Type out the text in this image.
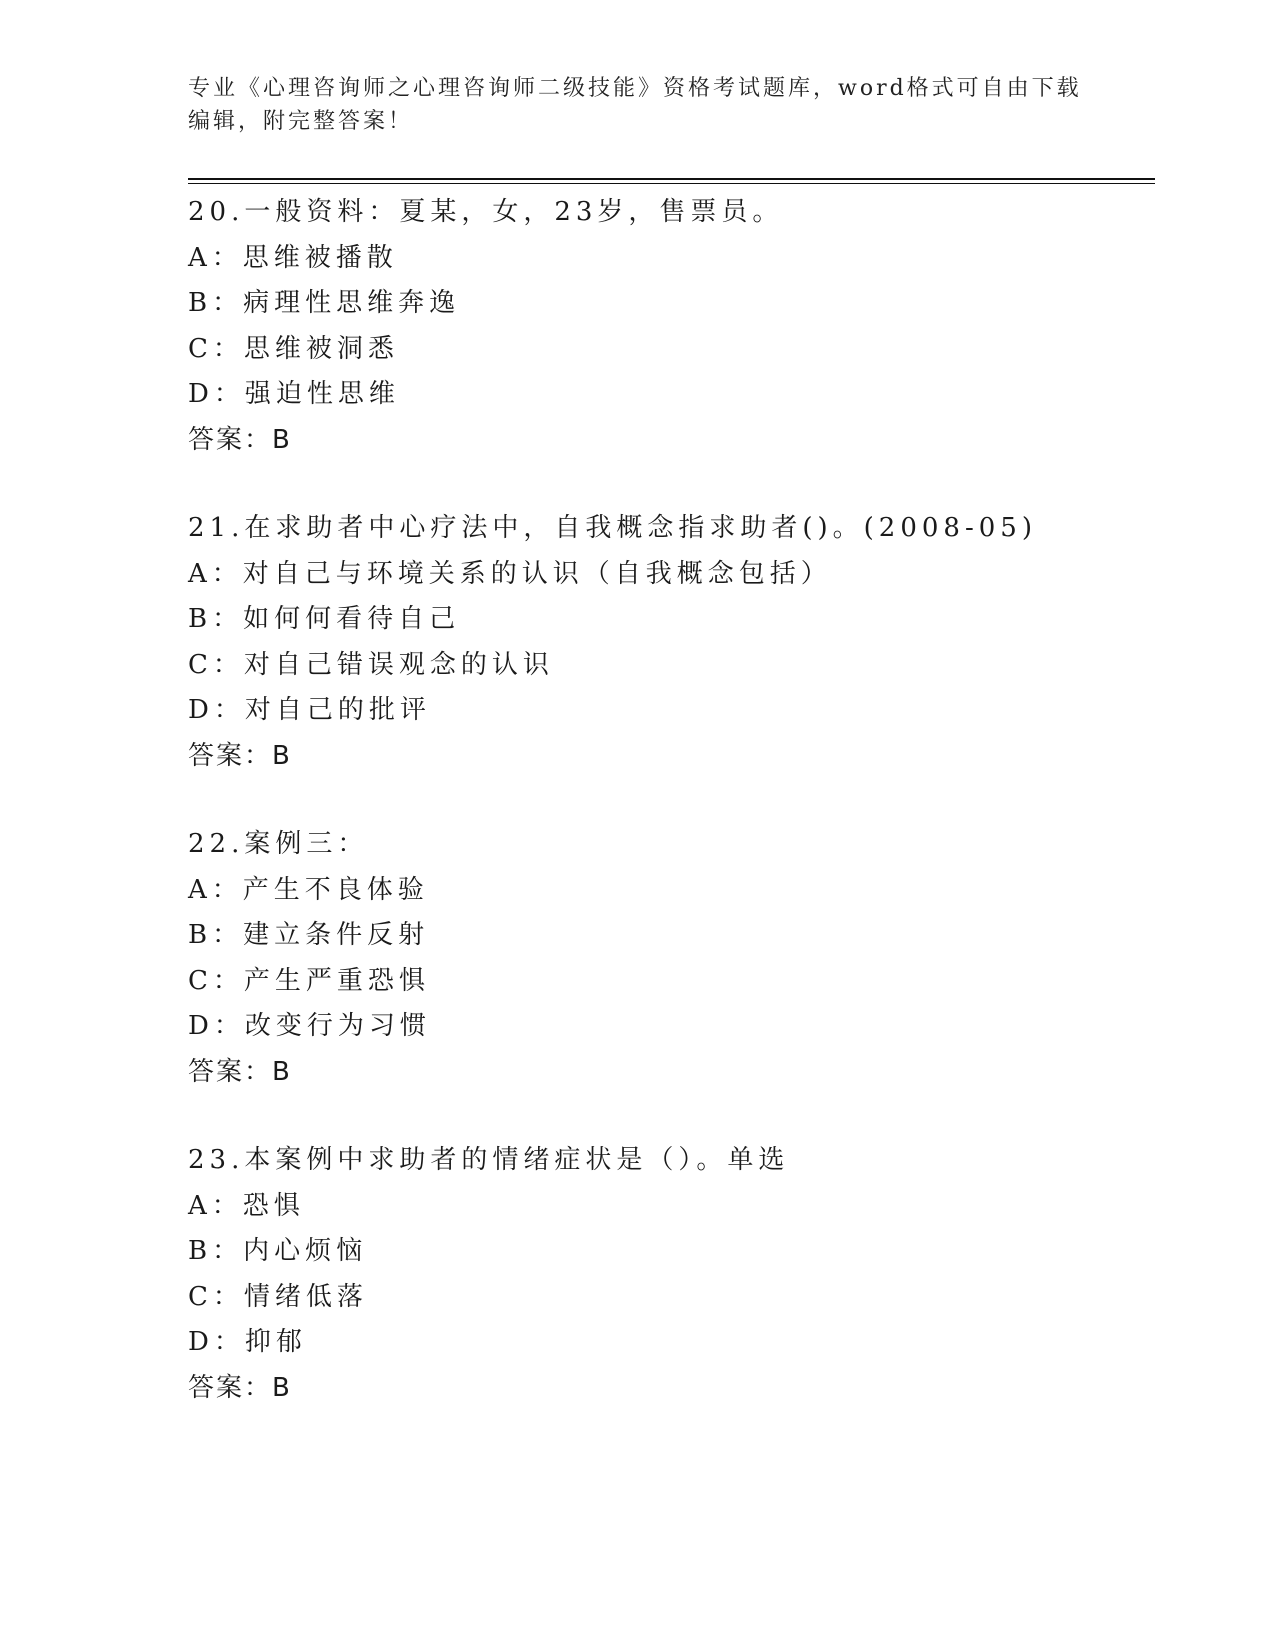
专业《心理咨询师之心理咨询师二级技能》资格考试题库，word格式可自由下载
编辑，附完整答案！
20.一般资料：夏某，女，23岁，售票员。
A：思维被播散
B：病理性思维奔逸
C：思维被洞悉
D：强迫性思维
答案：B
21.在求助者中心疗法中，自我概念指求助者()。(2008-05)
A：对自己与环境关系的认识（自我概念包括）
B：如何何看待自己
C：对自己错误观念的认识
D：对自己的批评
答案：B
22.案例三：
A：产生不良体验
B：建立条件反射
C：产生严重恐惧
D：改变行为习惯
答案：B
23.本案例中求助者的情绪症状是（）。单选
A：恐惧
B：内心烦恼
C：情绪低落
D：抑郁
答案：B
